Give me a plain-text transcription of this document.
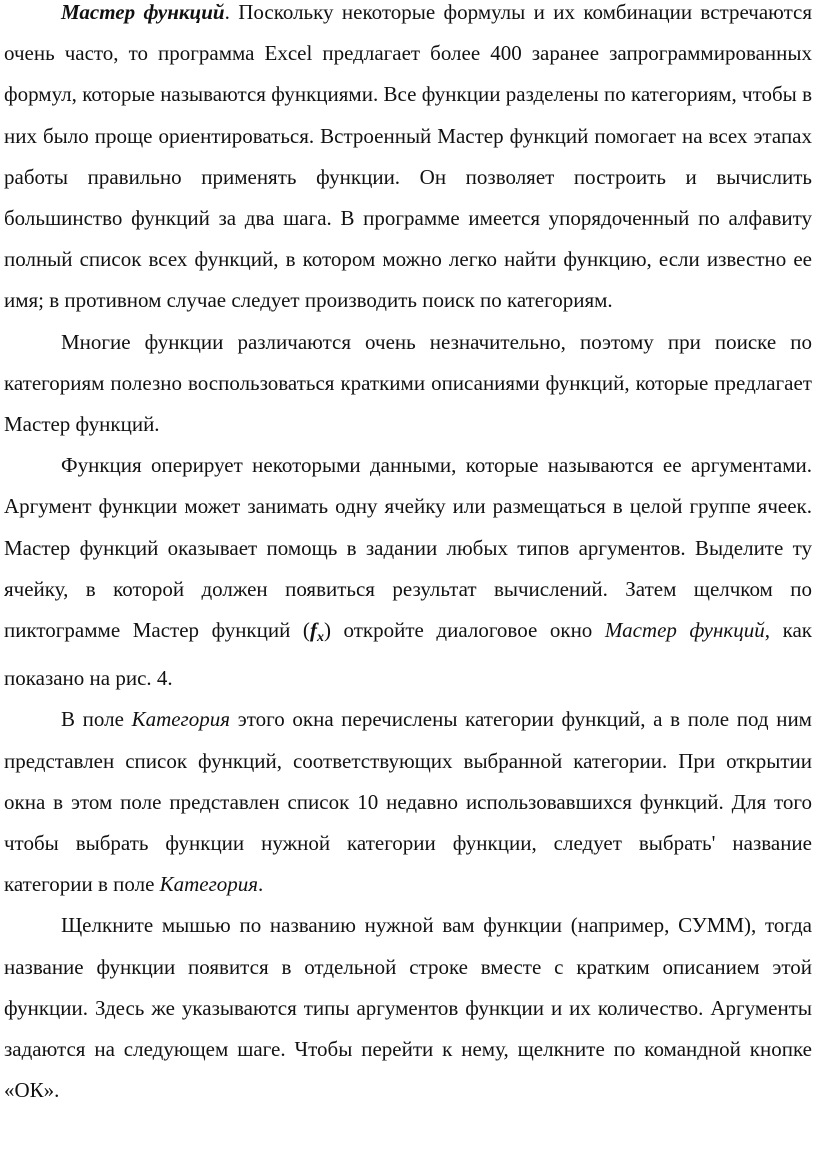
Мастер функций. Поскольку некоторые формулы и их комбинации встречаются очень часто, то программа Excel предлагает более 400 заранее запрограммированных формул, которые называются функциями. Все функции разделены по категориям, чтобы в них было проще ориентироваться. Встроенный Мастер функций помогает на всех этапах работы правильно применять функции. Он позволяет построить и вычислить большинство функций за два шага. В программе имеется упорядоченный по алфавиту полный список всех функций, в котором можно легко найти функцию, если известно ее имя; в противном случае следует производить поиск по категориям.

Многие функции различаются очень незначительно, поэтому при поиске по категориям полезно воспользоваться краткими описаниями функций, которые предлагает Мастер функций.

Функция оперирует некоторыми данными, которые называются ее аргументами. Аргумент функции может занимать одну ячейку или размещаться в целой группе ячеек. Мастер функций оказывает помощь в задании любых типов аргументов. Выделите ту ячейку, в которой должен появиться результат вычислений. Затем щелчком по пиктограмме Мастер функций $(f_x)$ откройте диалоговое окно Мастер функций, как показано на рис. 4.

В поле Категория этого окна перечислены категории функций, а в поле под ним представлен список функций, соответствующих выбранной категории. При открытии окна в этом поле представлен список 10 недавно использовавшихся функций. Для того чтобы выбрать функции нужной категории функции, следует выбрать' название категории в поле Категория.

Щелкните мышью по названию нужной вам функции (например, СУММ), тогда название функции появится в отдельной строке вместе с кратким описанием этой функции. Здесь же указываются типы аргументов функции и их количество. Аргументы задаются на следующем шаге. Чтобы перейти к нему, щелкните по командной кнопке «ОК».
